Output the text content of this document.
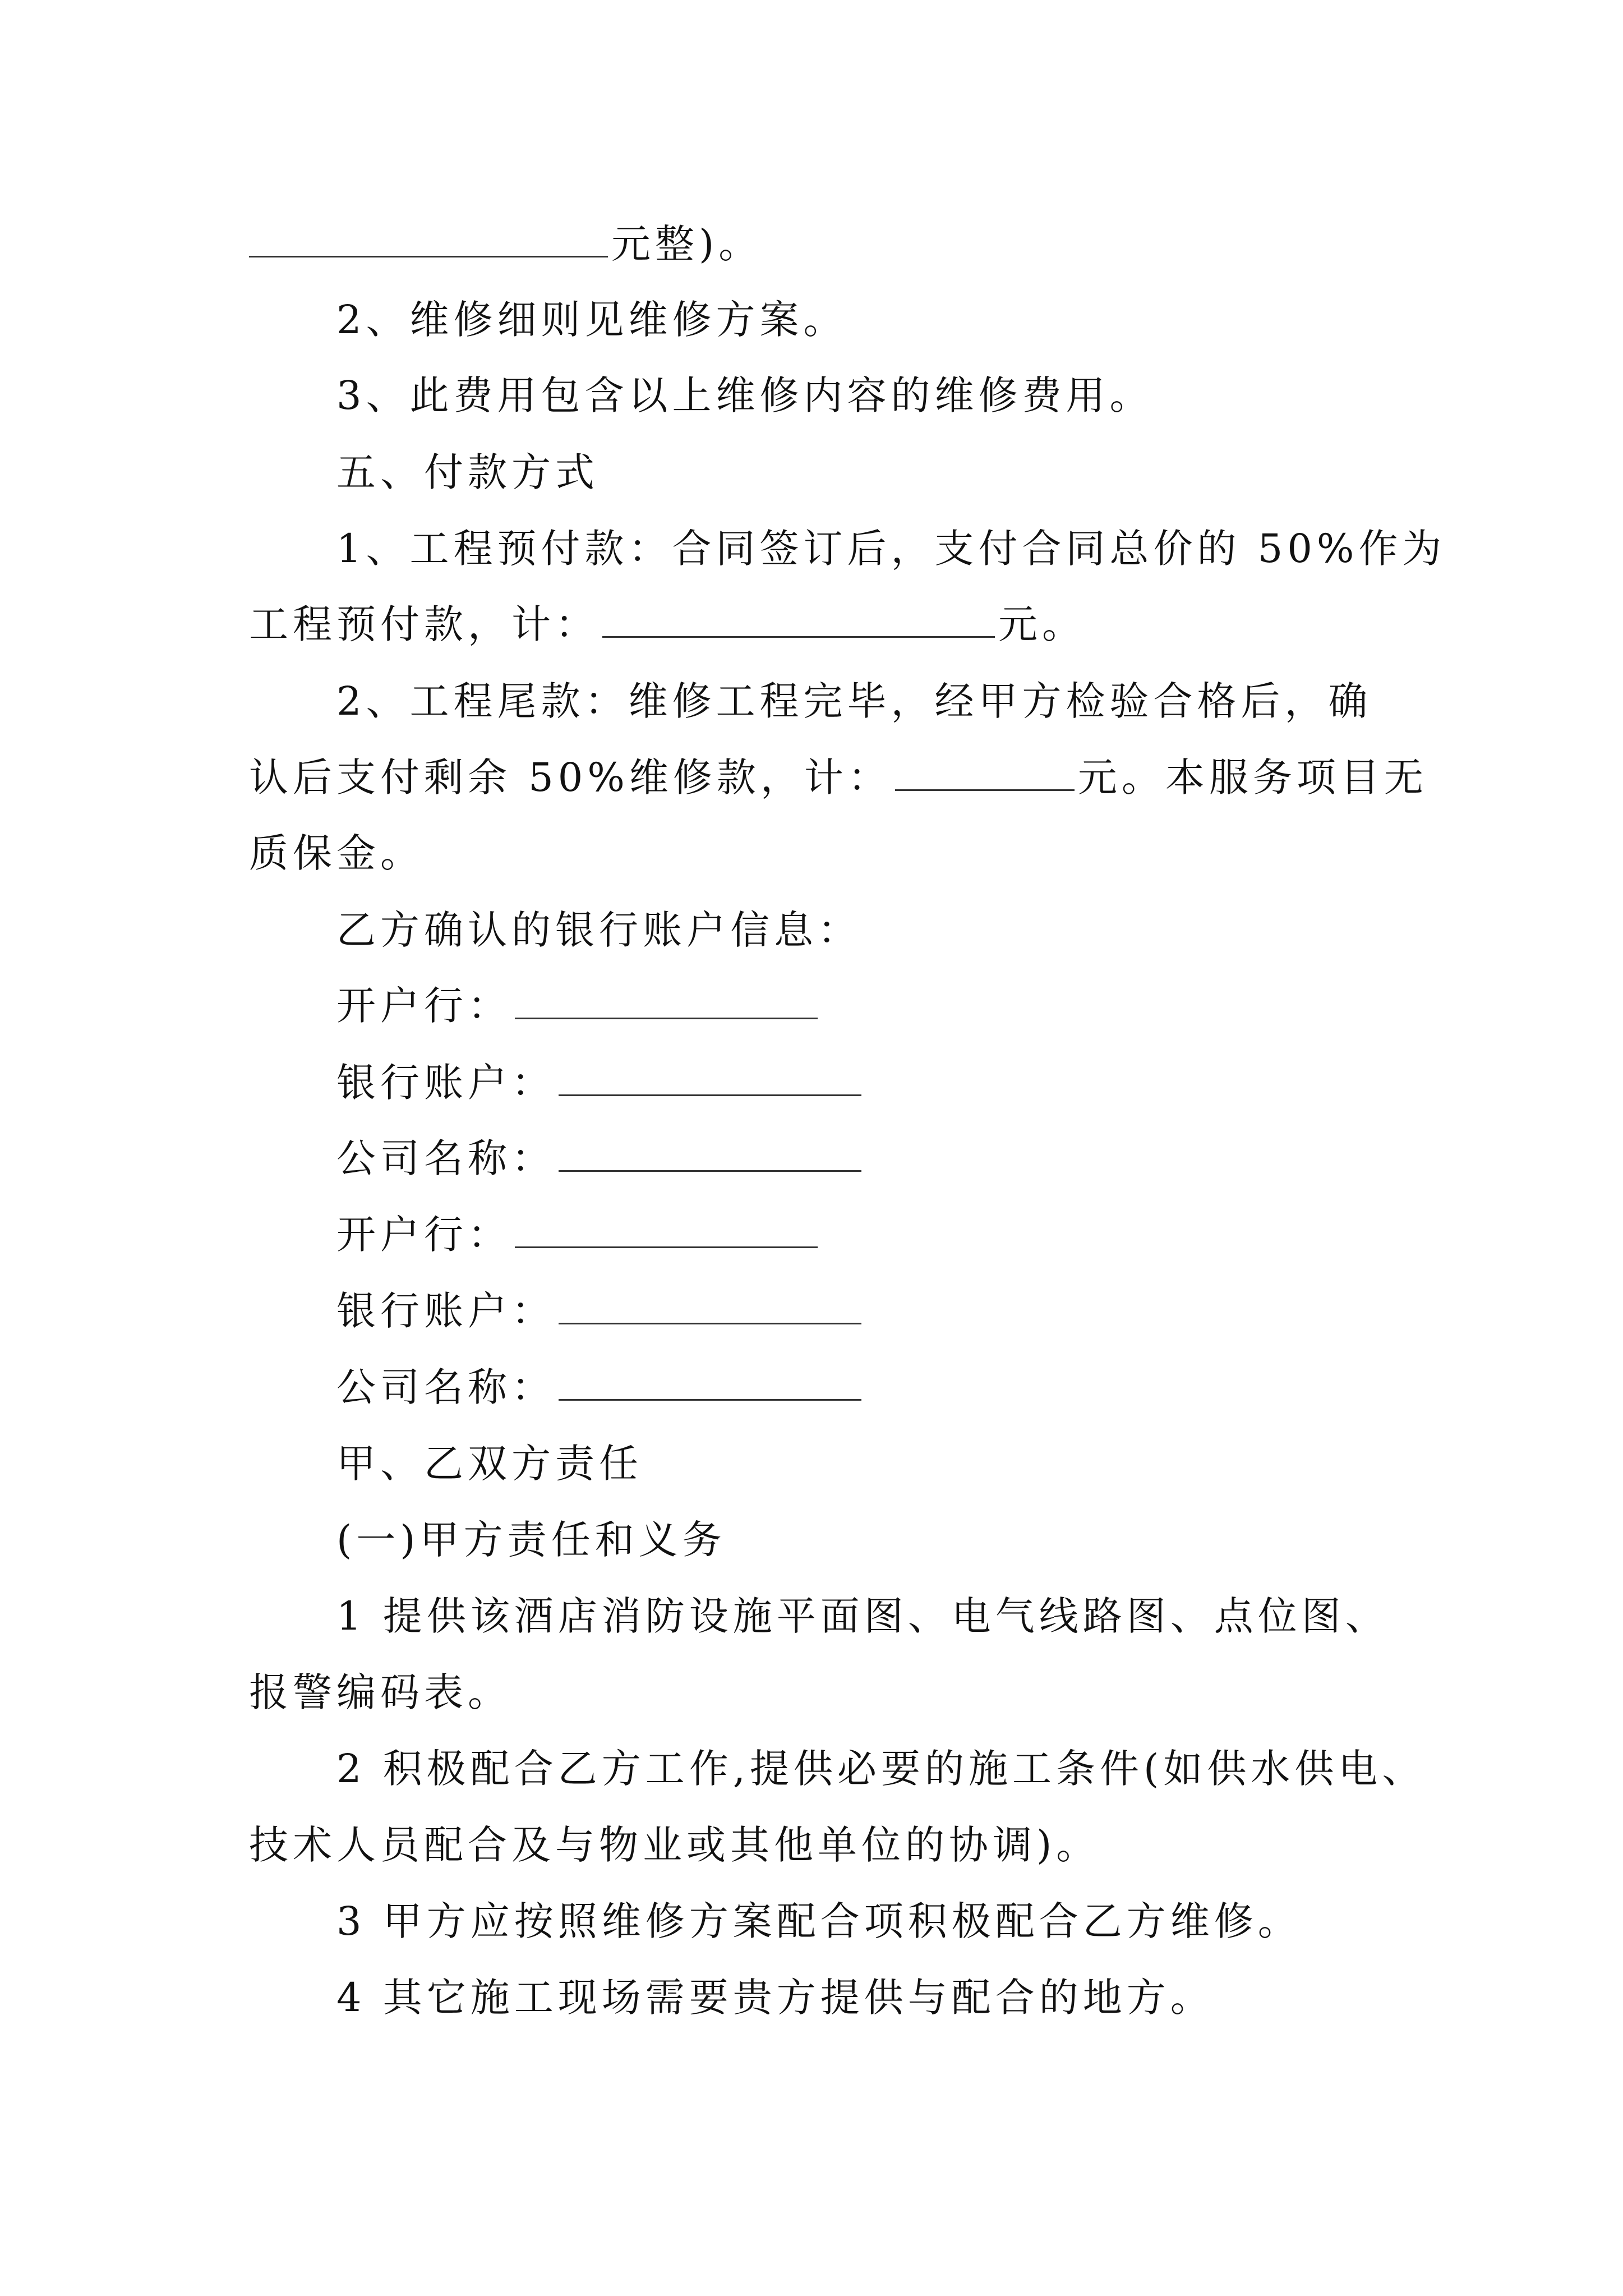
元整)。
2、维修细则见维修方案。
3、此费用包含以上维修内容的维修费用。
五、付款方式
1、工程预付款：合同签订后，支付合同总价的 50%作为
工程预付款，计：	元。
2、工程尾款：维修工程完毕，经甲方检验合格后，确
认后支付剩余 50%维修款，计：	元。本服务项目无
质保金。
乙方确认的银行账户信息：
开户行：
银行账户：
公司名称：
开户行：
银行账户：
公司名称：
甲、乙双方责任
(一)甲方责任和义务
1 提供该酒店消防设施平面图、电气线路图、点位图、
报警编码表。
2 积极配合乙方工作,提供必要的施工条件(如供水供电、
技术人员配合及与物业或其他单位的协调)。
3 甲方应按照维修方案配合项积极配合乙方维修。
4 其它施工现场需要贵方提供与配合的地方。
